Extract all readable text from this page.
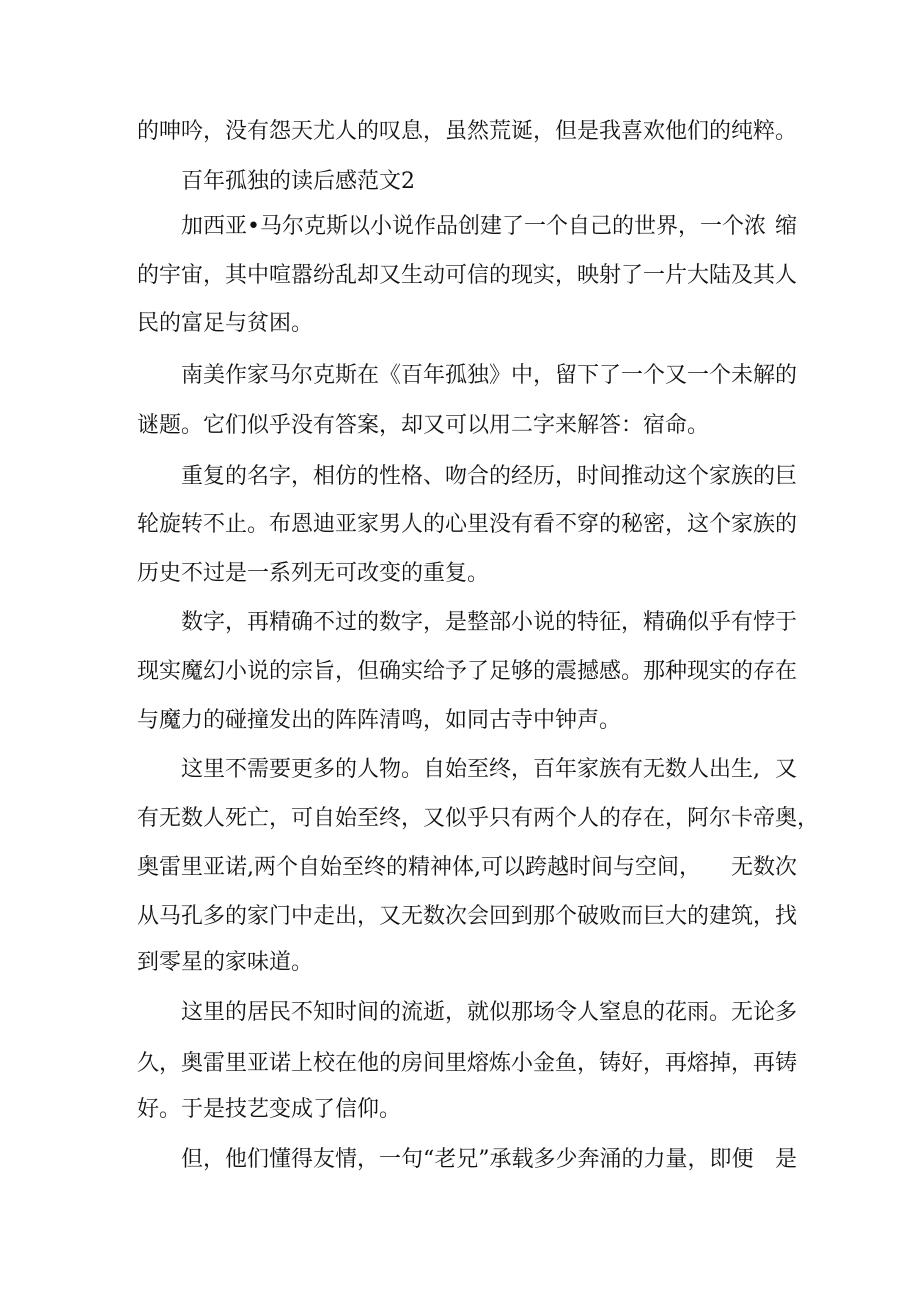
的呻吟，没有怨天尤人的叹息，虽然荒诞，但是我喜 欢他们的纯粹。
百年孤独的读后感范文2
加西亚•马尔克斯以小说作品创建了一个自己的世界，一个浓 缩
的宇宙，其中喧嚣纷乱却又生动可信的现实，映射了一片大陆及 其人
民的富足与贫困。
南美作家马尔克斯在《百年孤独》中，留下了一个又一个未解 的
谜题。它们似乎没有答案，却又可以用二字来解答：宿命。
重复的名字，相仿的性格、吻合的经历，时间推动这个家族的 巨
轮旋转不止。布恩迪亚家男人的心里没有看不穿的秘密，这个家 族的
历史不过是一系列无可改变的重复。
数字，再精确不过的数字，是整部小说的特征，精确似乎有悖 于
现实魔幻小说的宗旨，但确实给予了足够的震撼感。那种现实的 存在
与魔力的碰撞发出的阵阵清鸣，如同古寺中钟声。
这里不需要更多的人物。自始至终，百年家族有无数人出生, 又
有无数人死亡，可自始至终，又似乎只有两个人的存在，阿尔卡 帝奥，
奥雷里亚诺,两个自始至终的精神体,可以跨越时间与空间， 无数次
从马孔多的家门中走出，又无数次会回到那个破败而巨大的 建筑，找
到零星的家味道。
这里的居民不知时间的流逝，就似那场令人窒息的花雨。无论 多
久，奥雷里亚诺上校在他的房间里熔炼小金鱼，铸好，再熔掉， 再铸
好。于是技艺变成了信仰。
但，他们懂得友情，一句“老兄”承载多少奔涌的力量，即便 是
